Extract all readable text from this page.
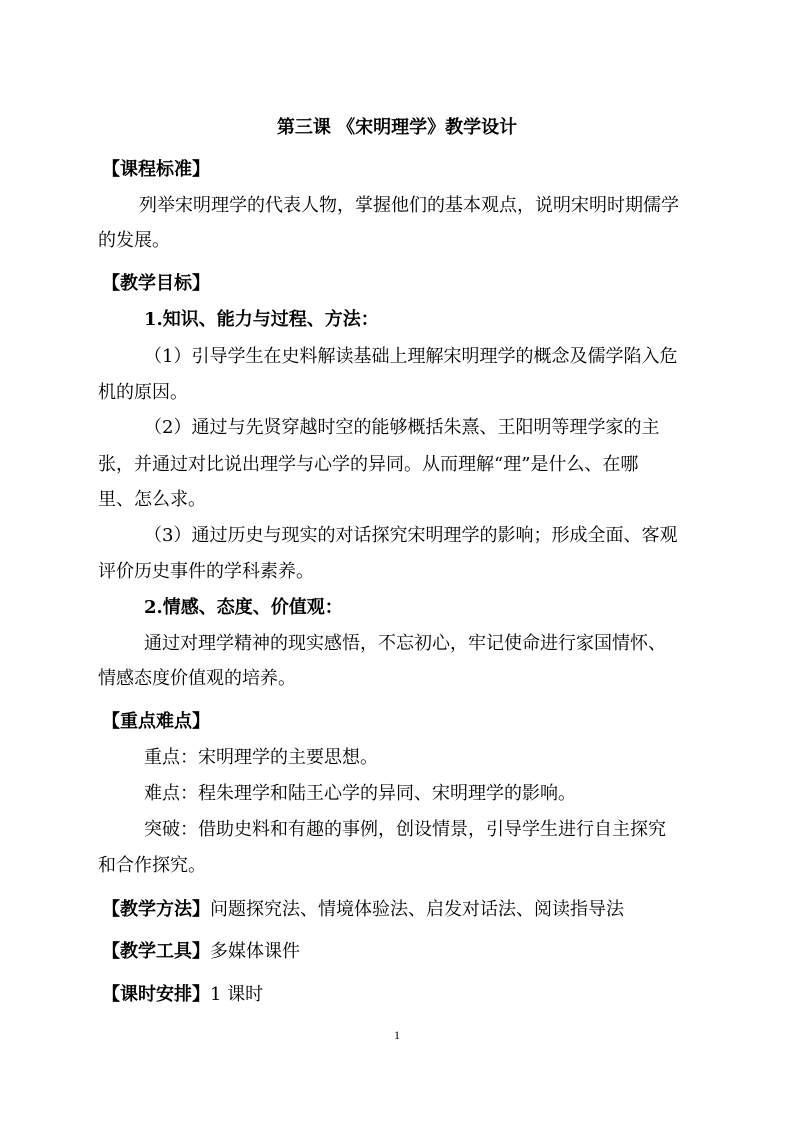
第三课 《宋明理学》教学设计
【课程标准】
列举宋明理学的代表人物，掌握他们的基本观点，说明宋明时期儒学
的发展。
【教学目标】
1.知识、能力与过程、方法：
（1）引导学生在史料解读基础上理解宋明理学的概念及儒学陷入危
机的原因。
（2）通过与先贤穿越时空的能够概括朱熹、王阳明等理学家的主
张，并通过对比说出理学与心学的异同。从而理解“理”是什么、在哪
里、怎么求。
（3）通过历史与现实的对话探究宋明理学的影响；形成全面、客观
评价历史事件的学科素养。
2.情感、态度、价值观：
通过对理学精神的现实感悟，不忘初心，牢记使命进行家国情怀、
情感态度价值观的培养。
【重点难点】
重点：宋明理学的主要思想。
难点：程朱理学和陆王心学的异同、宋明理学的影响。
突破：借助史料和有趣的事例，创设情景，引导学生进行自主探究
和合作探究。
【教学方法】问题探究法、情境体验法、启发对话法、阅读指导法
【教学工具】多媒体课件
【课时安排】1 课时
1
